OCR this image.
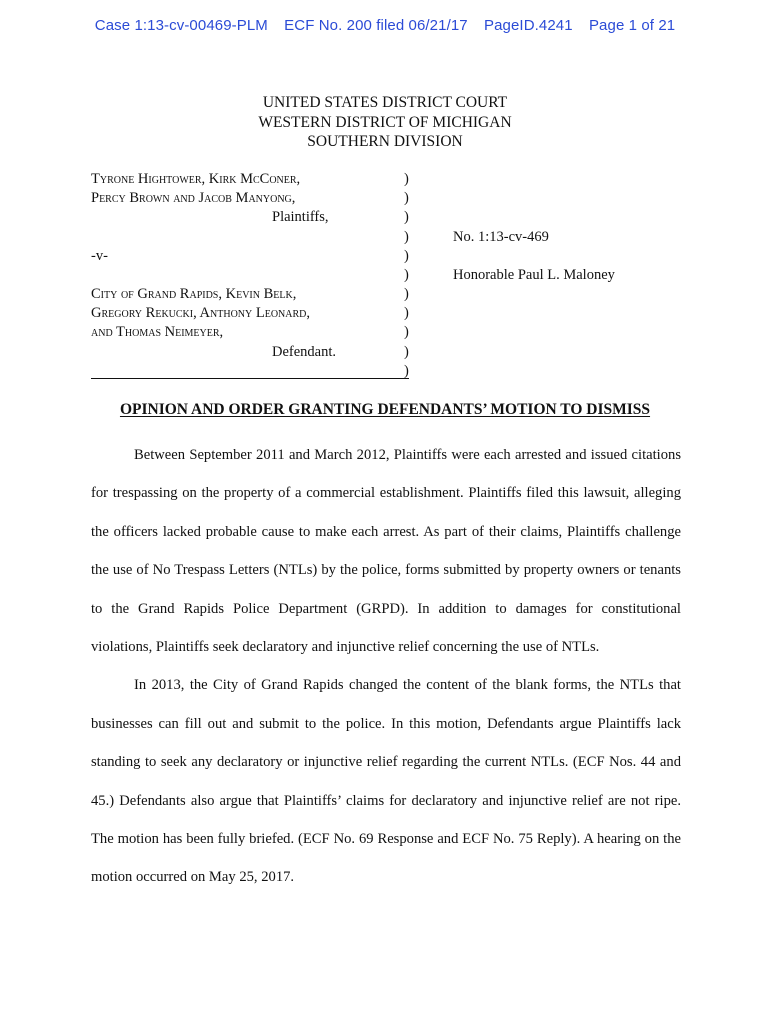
Case 1:13-cv-00469-PLM ECF No. 200 filed 06/21/17 PageID.4241 Page 1 of 21
UNITED STATES DISTRICT COURT
WESTERN DISTRICT OF MICHIGAN
SOUTHERN DIVISION
Tyrone Hightower, Kirk McConer,
Percy Brown and Jacob Manyong,
Plaintiffs,
-v-
City of Grand Rapids, Kevin Belk,
Gregory Rekucki, Anthony Leonard,
and Thomas Neimeyer,
Defendant.
)
)
)
)
)
)
)
)
)
)
)
No. 1:13-cv-469
Honorable Paul L. Maloney
OPINION AND ORDER GRANTING DEFENDANTS’ MOTION TO DISMISS

Between September 2011 and March 2012, Plaintiffs were each arrested and issued citations for trespassing on the property of a commercial establishment. Plaintiffs filed this lawsuit, alleging the officers lacked probable cause to make each arrest. As part of their claims, Plaintiffs challenge the use of No Trespass Letters (NTLs) by the police, forms submitted by property owners or tenants to the Grand Rapids Police Department (GRPD). In addition to damages for constitutional violations, Plaintiffs seek declaratory and injunctive relief concerning the use of NTLs.

In 2013, the City of Grand Rapids changed the content of the blank forms, the NTLs that businesses can fill out and submit to the police. In this motion, Defendants argue Plaintiffs lack standing to seek any declaratory or injunctive relief regarding the current NTLs. (ECF Nos. 44 and 45.) Defendants also argue that Plaintiffs’ claims for declaratory and injunctive relief are not ripe. The motion has been fully briefed. (ECF No. 69 Response and ECF No. 75 Reply). A hearing on the motion occurred on May 25, 2017.
